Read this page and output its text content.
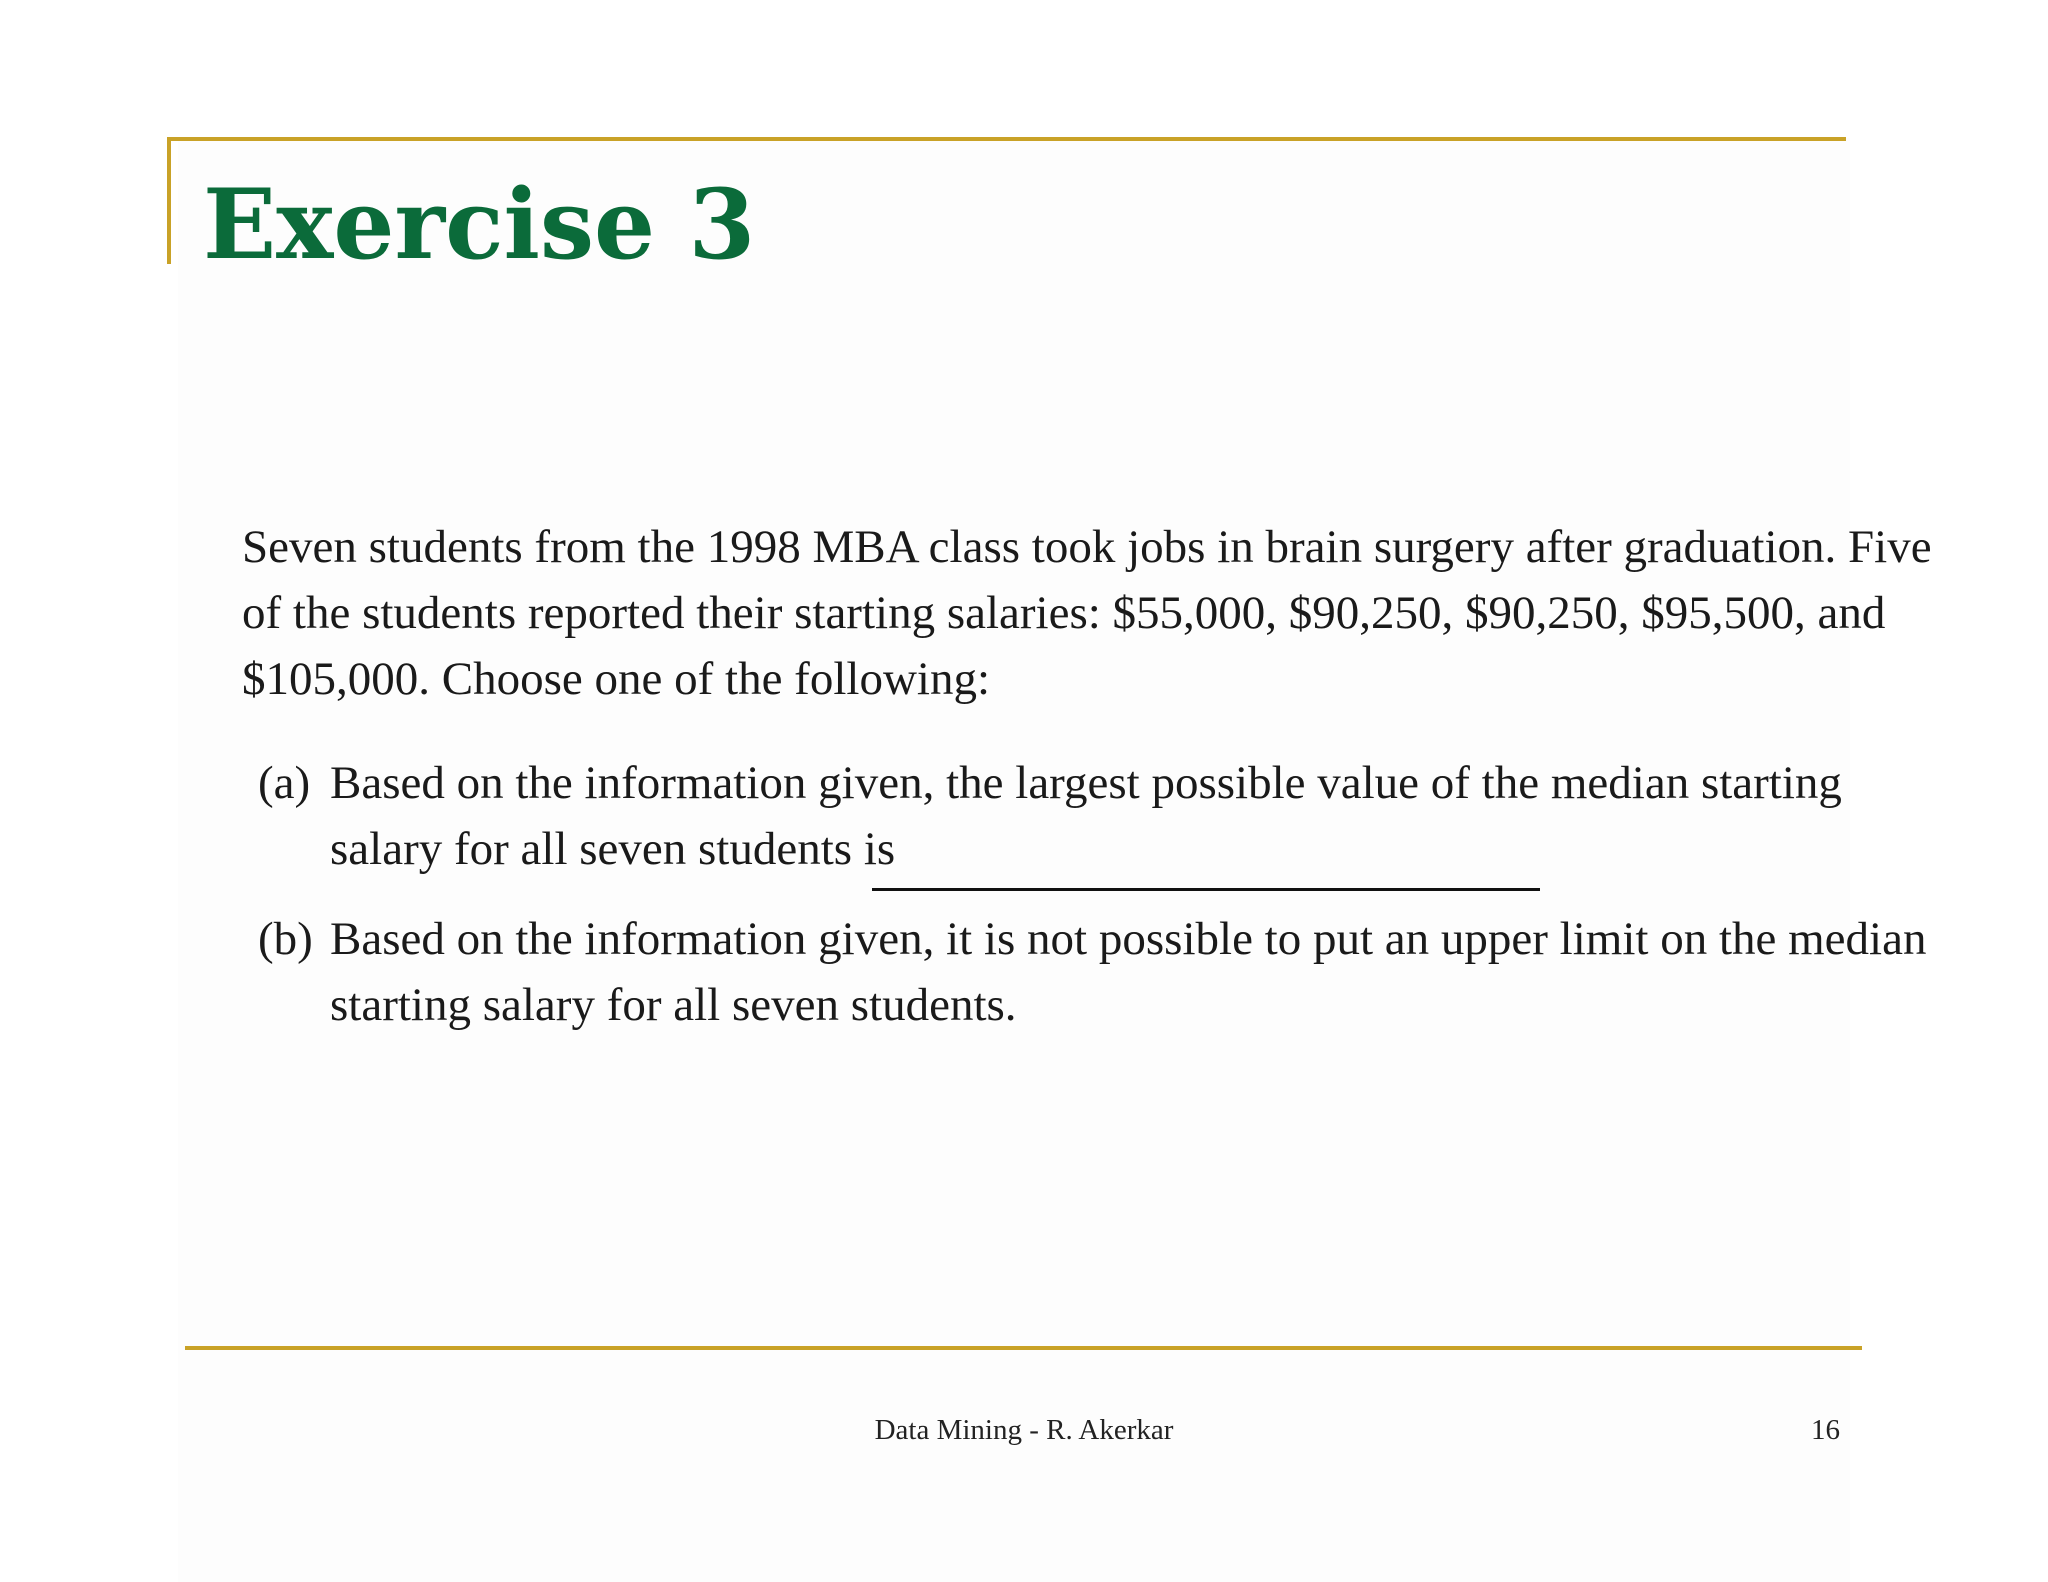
Exercise 3
Seven students from the 1998 MBA class took jobs in brain surgery after graduation. Five
of the students reported their starting salaries: $55,000, $90,250, $90,250, $95,500, and
$105,000. Choose one of the following:
(a) Based on the information given, the largest possible value of the median starting
salary for all seven students is
(b) Based on the information given, it is not possible to put an upper limit on the median
starting salary for all seven students.
Data Mining - R. Akerkar	16
